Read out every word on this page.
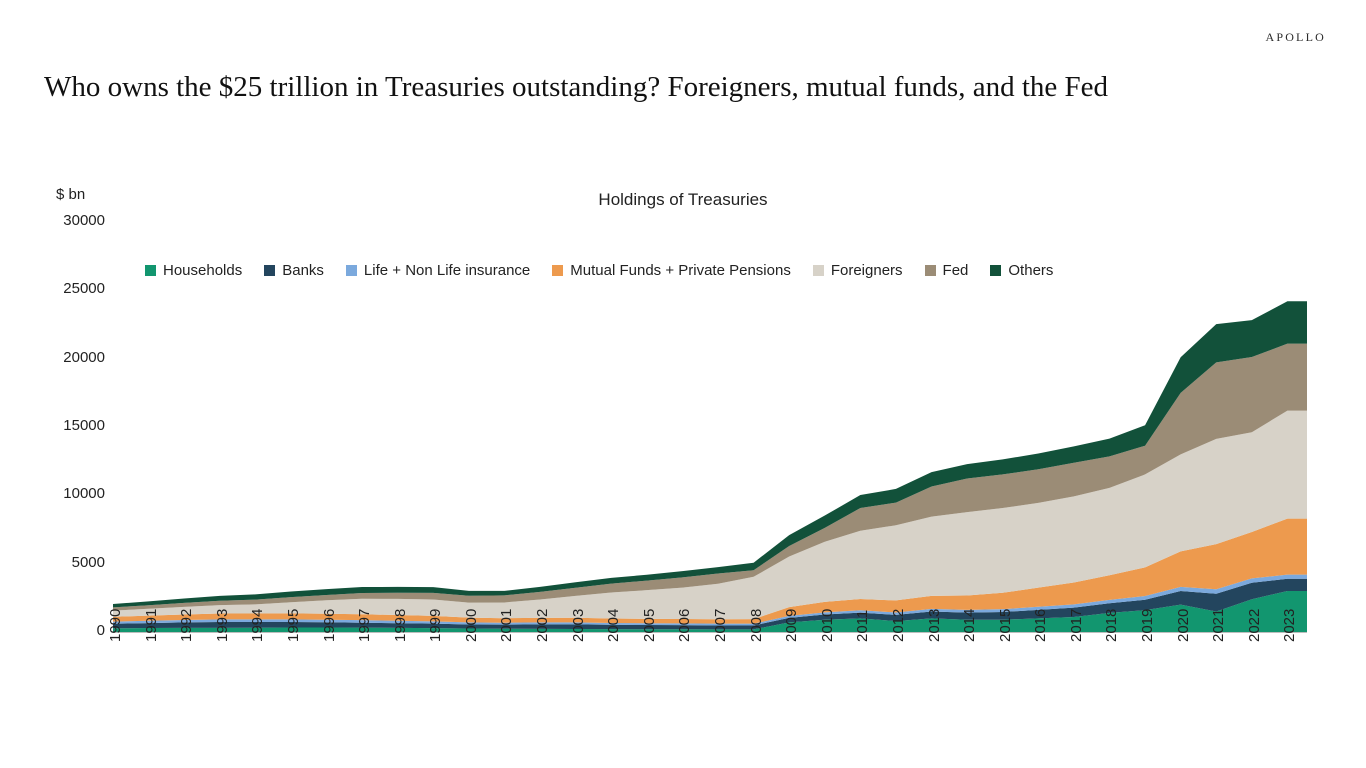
APOLLO
Who owns the $25 trillion in Treasuries outstanding? Foreigners, mutual funds, and the Fed
$ bn	Holdings of Treasuries
Households	Banks	Life + Non Life insurance	Mutual Funds + Private Pensions	Foreigners	Fed	Others
0
5000
10000
15000
20000
25000
30000
1990 1991 1992 1993 1994 1995 1996 1997 1998 1999 2000 2001 2002 2003 2004 2005 2006 2007 2008 2009 2010 2011 2012 2013 2014 2015 2016 2017 2018 2019 2020 2021 2022 2023
